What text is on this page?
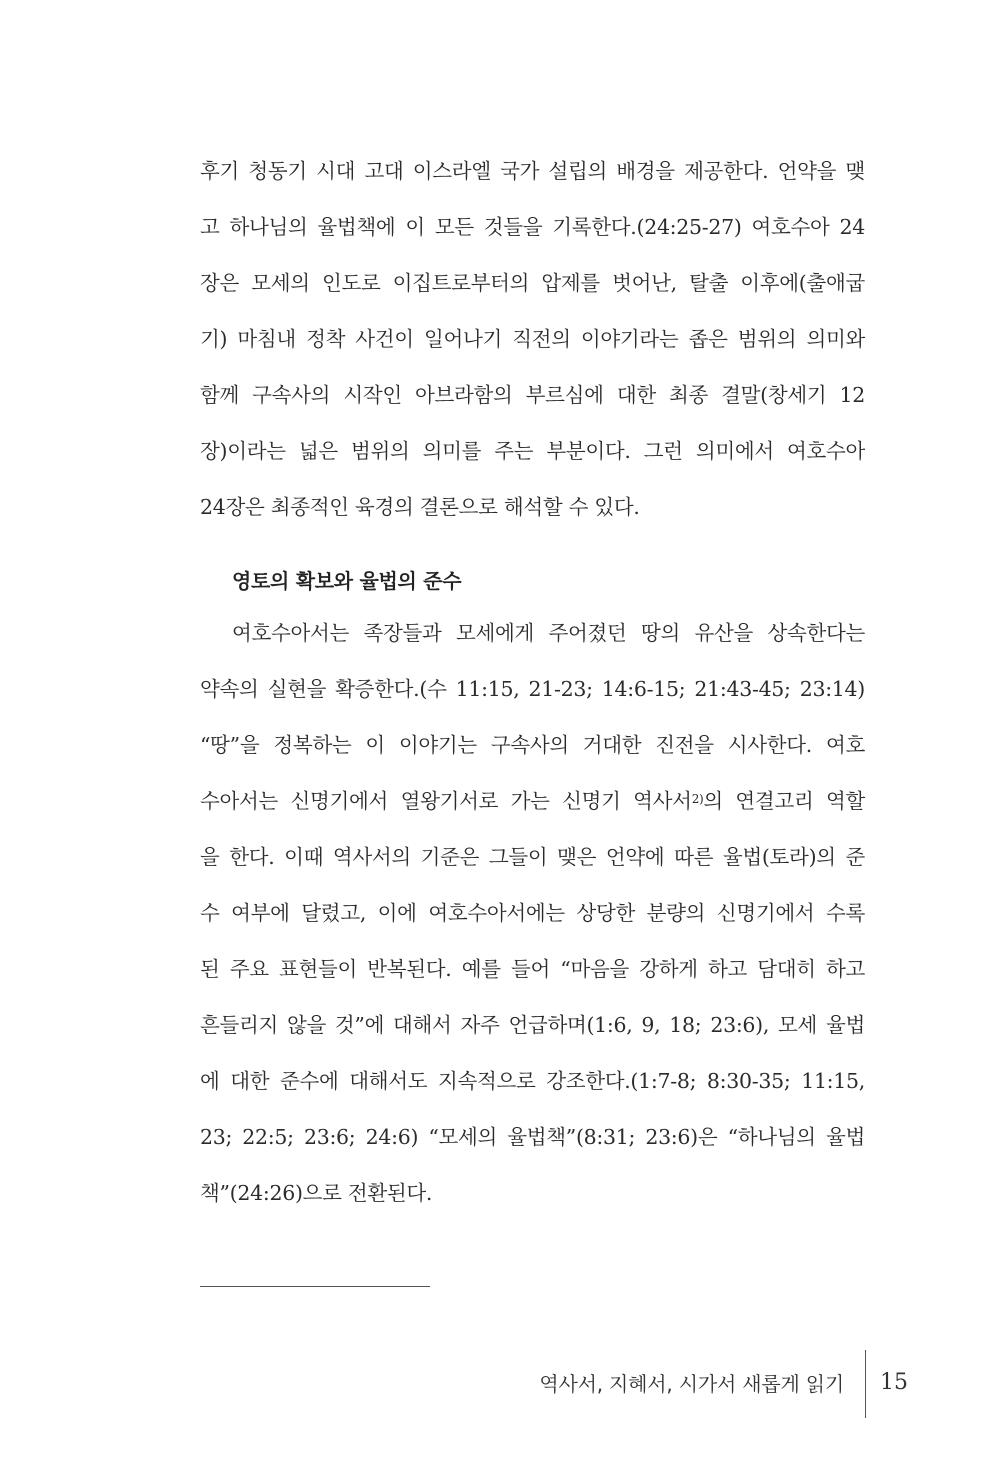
후기 청동기 시대 고대 이스라엘 국가 설립의 배경을 제공한다. 언약을 맺
고 하나님의 율법책에 이 모든 것들을 기록한다.(24:25-27) 여호수아 24
장은 모세의 인도로 이집트로부터의 압제를 벗어난, 탈출 이후에(출애굽
기) 마침내 정착 사건이 일어나기 직전의 이야기라는 좁은 범위의 의미와
함께 구속사의 시작인 아브라함의 부르심에 대한 최종 결말(창세기 12
장)이라는 넓은 범위의 의미를 주는 부분이다. 그런 의미에서 여호수아
24장은 최종적인 육경의 결론으로 해석할 수 있다.
영토의 확보와 율법의 준수
여호수아서는 족장들과 모세에게 주어졌던 땅의 유산을 상속한다는
약속의 실현을 확증한다.(수 11:15, 21-23; 14:6-15; 21:43-45; 23:14)
“땅”을 정복하는 이 이야기는 구속사의 거대한 진전을 시사한다. 여호
수아서는 신명기에서 열왕기서로 가는 신명기 역사서$^{2)}$의 연결고리 역할
을 한다. 이때 역사서의 기준은 그들이 맺은 언약에 따른 율법(토라)의 준
수 여부에 달렸고, 이에 여호수아서에는 상당한 분량의 신명기에서 수록
된 주요 표현들이 반복된다. 예를 들어 “마음을 강하게 하고 담대히 하고
흔들리지 않을 것”에 대해서 자주 언급하며(1:6, 9, 18; 23:6), 모세 율법
에 대한 준수에 대해서도 지속적으로 강조한다.(1:7-8; 8:30-35; 11:15,
23; 22:5; 23:6; 24:6) “모세의 율법책”(8:31; 23:6)은 “하나님의 율법
책”(24:26)으로 전환된다.
역사서, 지혜서, 시가서 새롭게 읽기 15
